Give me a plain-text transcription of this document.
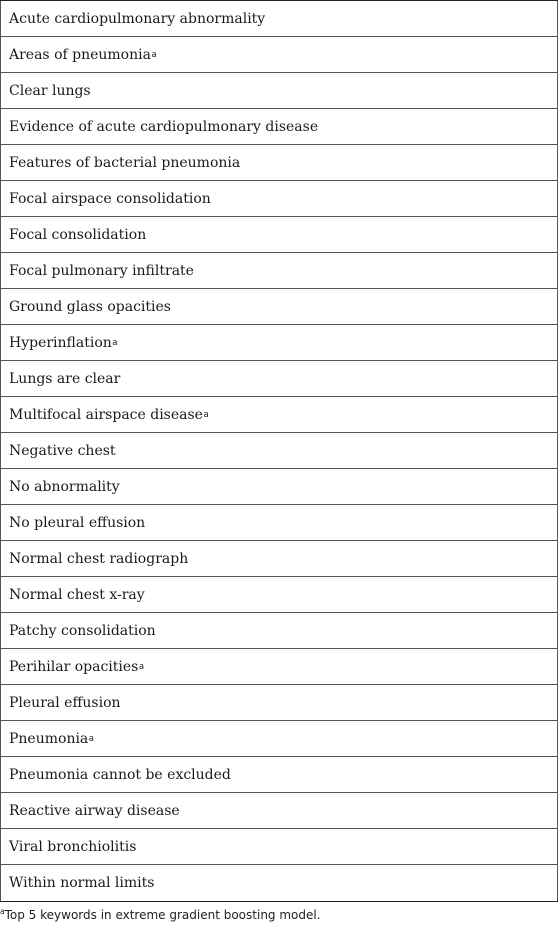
Acute cardiopulmonary abnormality
Areas of pneumonia a
Clear lungs
Evidence of acute cardiopulmonary disease
Features of bacterial pneumonia
Focal airspace consolidation
Focal consolidation
Focal pulmonary infiltrate
Ground glass opacities
Hyperinflation a
Lungs are clear
Multifocal airspace disease a
Negative chest
No abnormality
No pleural effusion
Normal chest radiograph
Normal chest x-ray
Patchy consolidation
Perihilar opacities a
Pleural effusion
Pneumonia a
Pneumonia cannot be excluded
Reactive airway disease
Viral bronchiolitis
Within normal limits
$^a$Top 5 keywords in extreme gradient boosting model.
